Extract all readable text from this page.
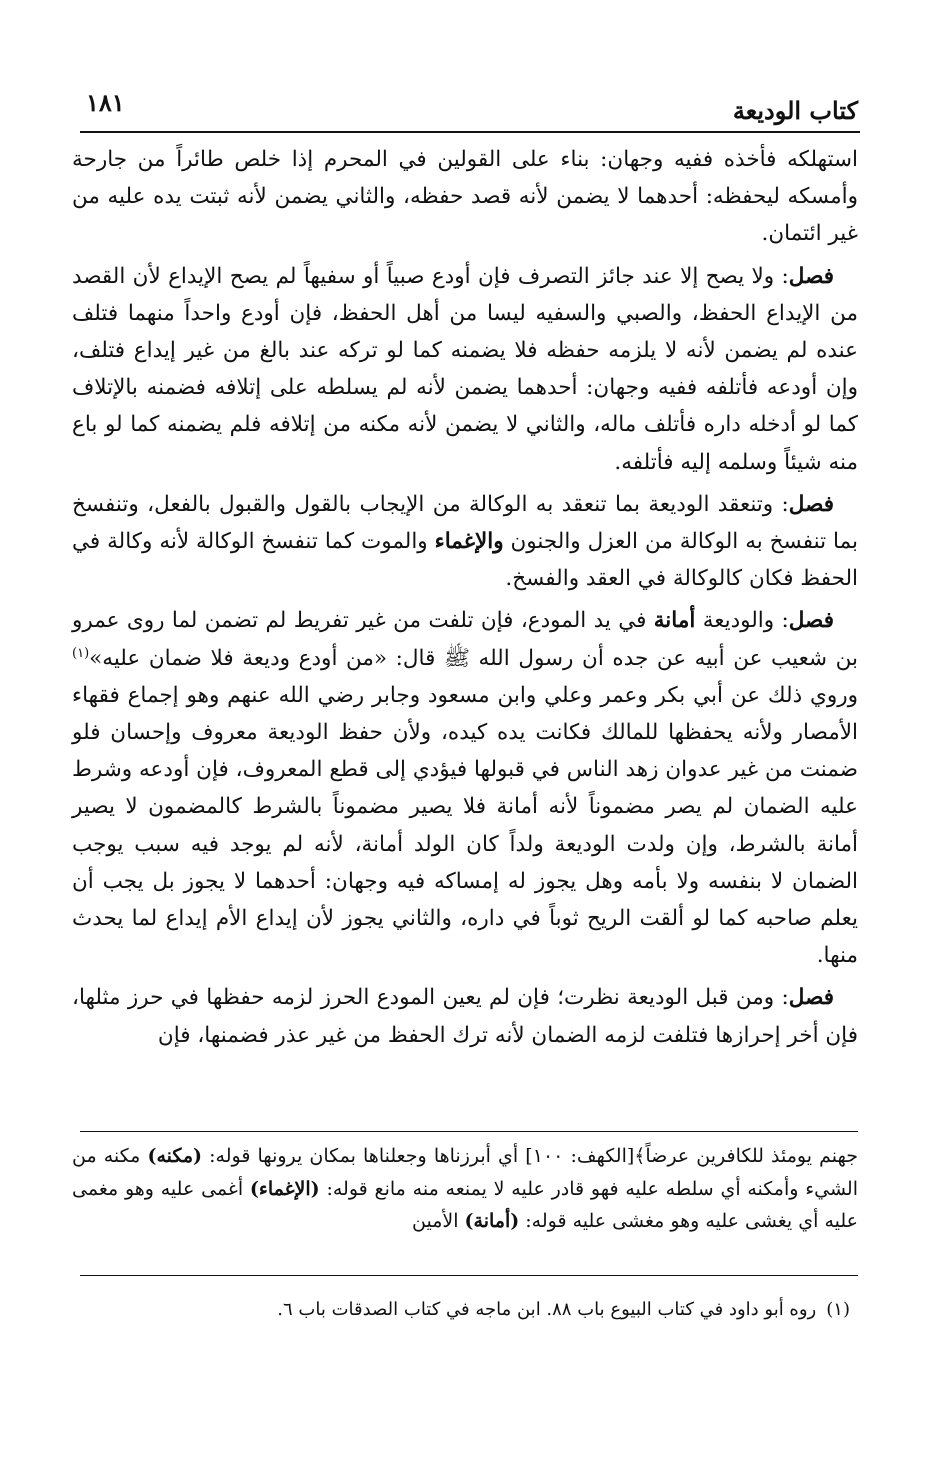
كتاب الوديعة
١٨١

استهلكه فأخذه ففيه وجهان: بناء على القولين في المحرم إذا خلص طائراً من جارحة وأمسكه ليحفظه: أحدهما لا يضمن لأنه قصد حفظه، والثاني يضمن لأنه ثبتت يده عليه من غير ائتمان.

فصل: ولا يصح إلا عند جائز التصرف فإن أودع صبياً أو سفيهاً لم يصح الإيداع لأن القصد من الإيداع الحفظ، والصبي والسفيه ليسا من أهل الحفظ، فإن أودع واحداً منهما فتلف عنده لم يضمن لأنه لا يلزمه حفظه فلا يضمنه كما لو تركه عند بالغ من غير إيداع فتلف، وإن أودعه فأتلفه ففيه وجهان: أحدهما يضمن لأنه لم يسلطه على إتلافه فضمنه بالإتلاف كما لو أدخله داره فأتلف ماله، والثاني لا يضمن لأنه مكنه من إتلافه فلم يضمنه كما لو باع منه شيئاً وسلمه إليه فأتلفه.

فصل: وتنعقد الوديعة بما تنعقد به الوكالة من الإيجاب بالقول والقبول بالفعل، وتنفسخ بما تنفسخ به الوكالة من العزل والجنون والإغماء والموت كما تنفسخ الوكالة لأنه وكالة في الحفظ فكان كالوكالة في العقد والفسخ.

فصل: والوديعة أمانة في يد المودع، فإن تلفت من غير تفريط لم تضمن لما روى عمرو بن شعيب عن أبيه عن جده أن رسول الله ﷺ قال: «من أودع وديعة فلا ضمان عليه»$^{(١)}$ وروي ذلك عن أبي بكر وعمر وعلي وابن مسعود وجابر رضي الله عنهم وهو إجماع فقهاء الأمصار ولأنه يحفظها للمالك فكانت يده كيده، ولأن حفظ الوديعة معروف وإحسان فلو ضمنت من غير عدوان زهد الناس في قبولها فيؤدي إلى قطع المعروف، فإن أودعه وشرط عليه الضمان لم يصر مضموناً لأنه أمانة فلا يصير مضموناً بالشرط كالمضمون لا يصير أمانة بالشرط، وإن ولدت الوديعة ولداً كان الولد أمانة، لأنه لم يوجد فيه سبب يوجب الضمان لا بنفسه ولا بأمه وهل يجوز له إمساكه فيه وجهان: أحدهما لا يجوز بل يجب أن يعلم صاحبه كما لو ألقت الريح ثوباً في داره، والثاني يجوز لأن إيداع الأم إيداع لما يحدث منها.

فصل: ومن قبل الوديعة نظرت؛ فإن لم يعين المودع الحرز لزمه حفظها في حرز مثلها، فإن أخر إحرازها فتلفت لزمه الضمان لأنه ترك الحفظ من غير عذر فضمنها، فإن

جهنم يومئذ للكافرين عرضاً﴾[الكهف: ١٠٠] أي أبرزناها وجعلناها بمكان يرونها قوله: (مكنه) مكنه من الشيء وأمكنه أي سلطه عليه فهو قادر عليه لا يمنعه منه مانع قوله: (الإغماء) أغمى عليه وهو مغمى عليه أي يغشى عليه وهو مغشى عليه قوله: (أمانة) الأمين

(١)روه أبو داود في كتاب البيوع باب ٨٨. ابن ماجه في كتاب الصدقات باب ٦.
